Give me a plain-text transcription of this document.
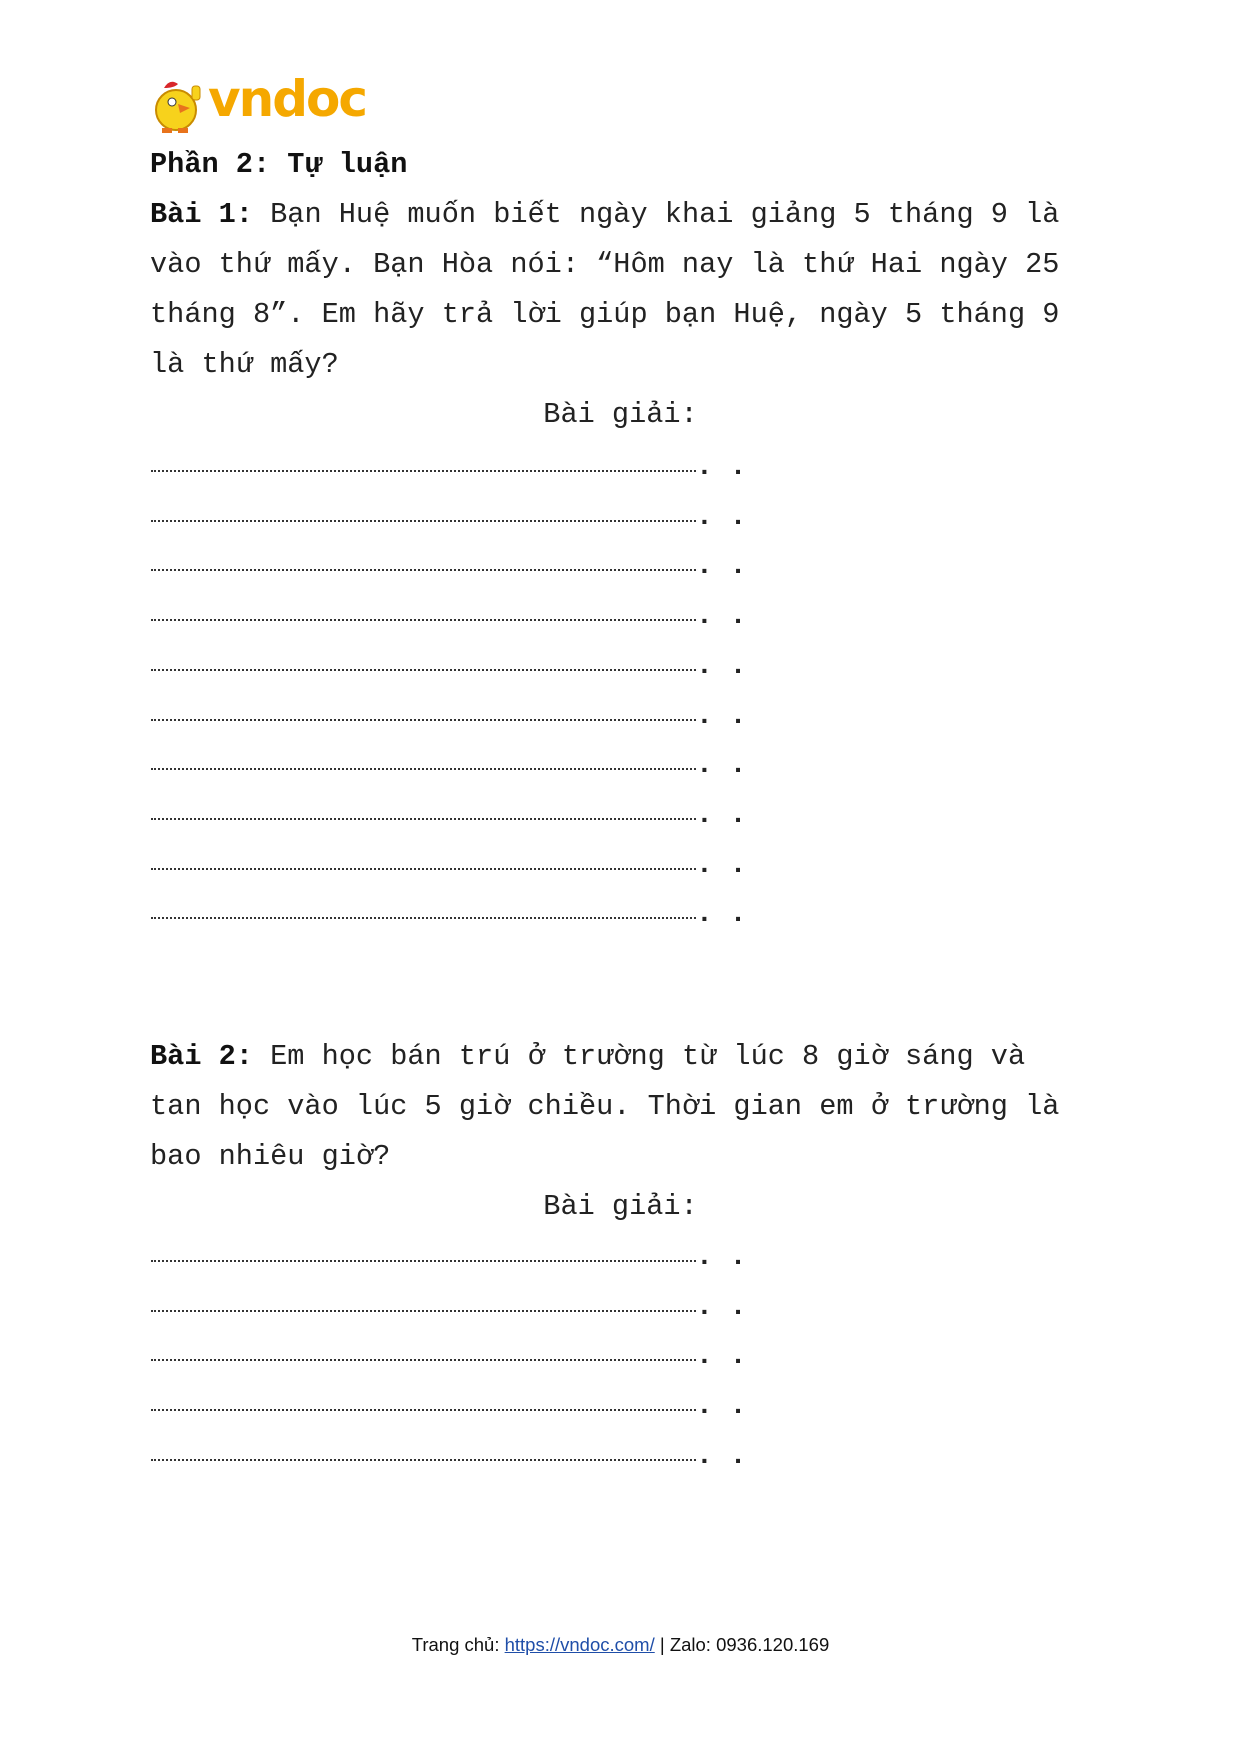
vndoc
Phần 2: Tự luận
Bài 1: Bạn Huệ muốn biết ngày khai giảng 5 tháng 9 là
vào thứ mấy. Bạn Hòa nói: “Hôm nay là thứ Hai ngày 25
tháng 8”. Em hãy trả lời giúp bạn Huệ, ngày 5 tháng 9
là thứ mấy?
Bài giải:
. .
. .
. .
. .
. .
. .
. .
. .
. .
. .
Bài 2: Em học bán trú ở trường từ lúc 8 giờ sáng và
tan học vào lúc 5 giờ chiều. Thời gian em ở trường là
bao nhiêu giờ?
Bài giải:
. .
. .
. .
. .
. .
Trang chủ: https://vndoc.com/ | Zalo: 0936.120.169
